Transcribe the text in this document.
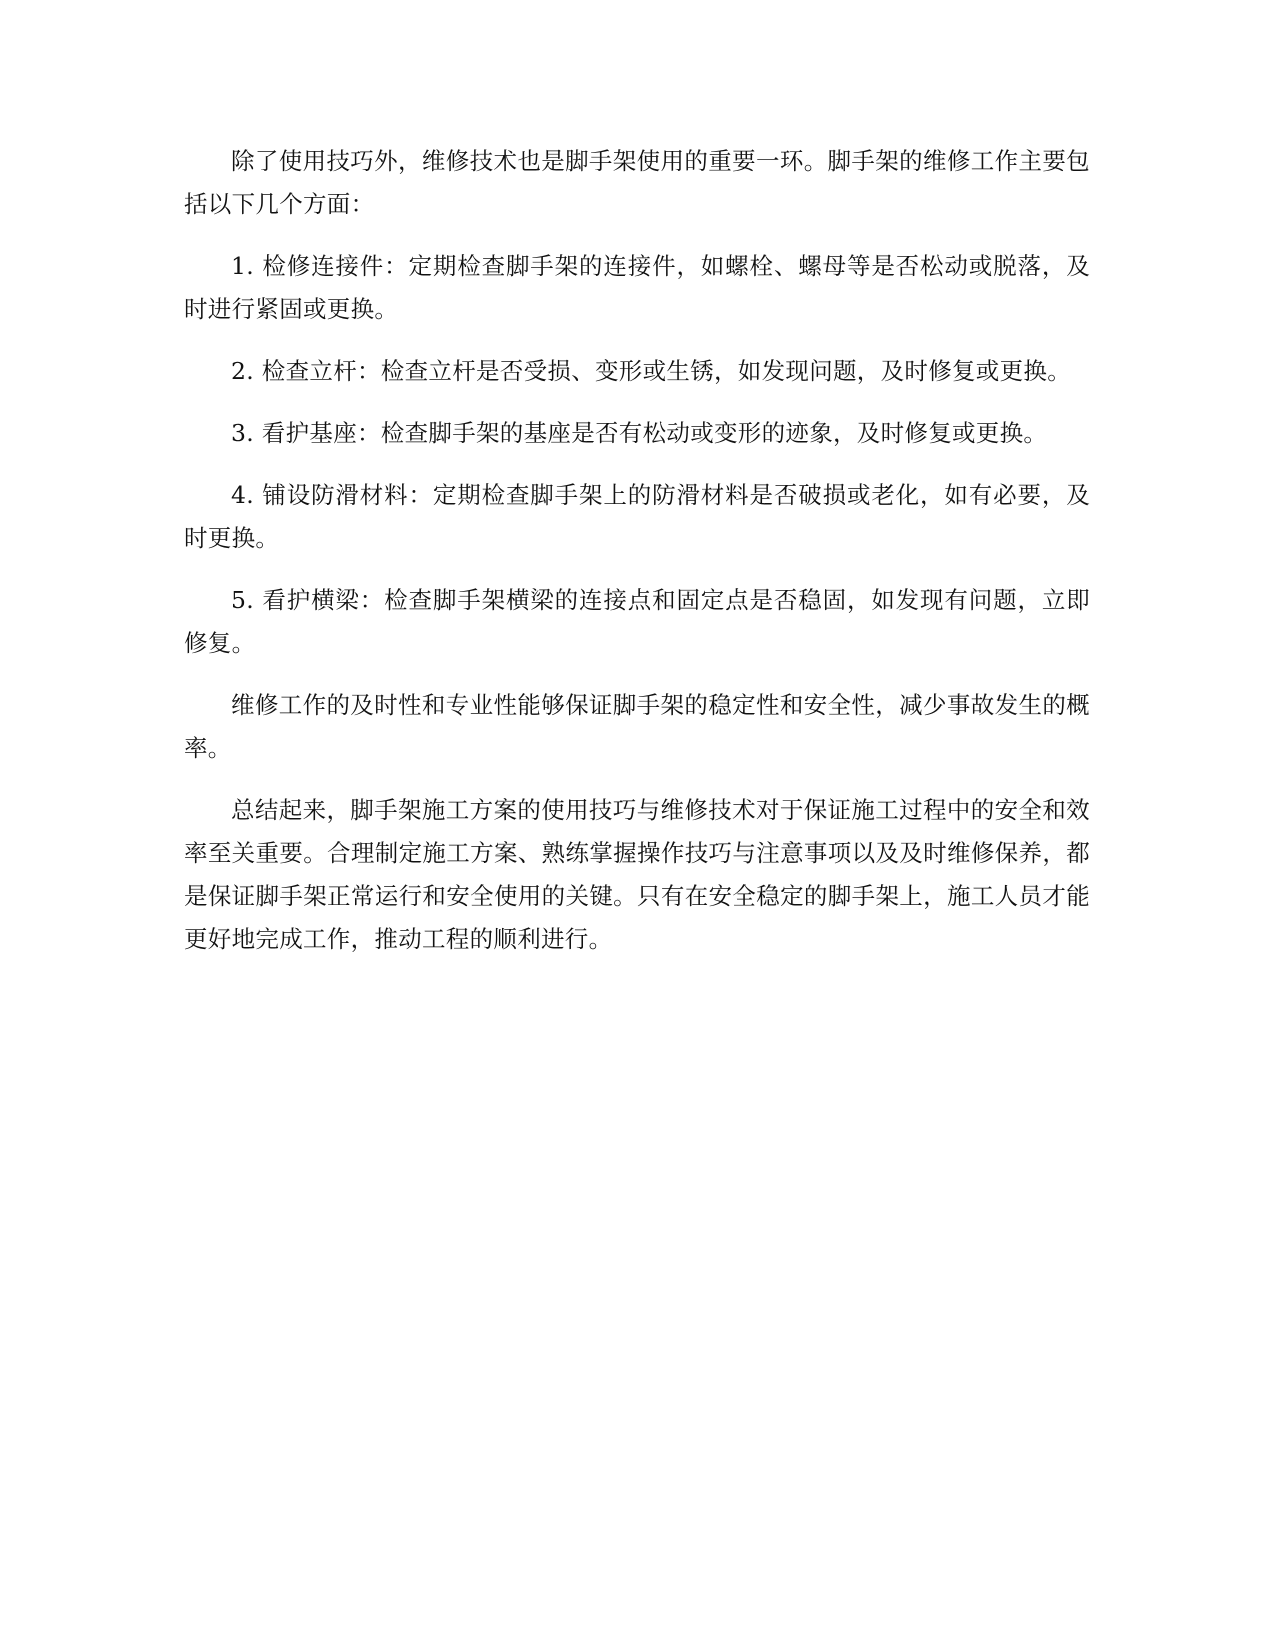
除了使用技巧外，维修技术也是脚手架使用的重要一环。脚手架的维修工作主要包括以下几个方面：

1. 检修连接件：定期检查脚手架的连接件，如螺栓、螺母等是否松动或脱落，及时进行紧固或更换。

2. 检查立杆：检查立杆是否受损、变形或生锈，如发现问题，及时修复或更换。

3. 看护基座：检查脚手架的基座是否有松动或变形的迹象，及时修复或更换。

4. 铺设防滑材料：定期检查脚手架上的防滑材料是否破损或老化，如有必要，及时更换。

5. 看护横梁：检查脚手架横梁的连接点和固定点是否稳固，如发现有问题，立即修复。

维修工作的及时性和专业性能够保证脚手架的稳定性和安全性，减少事故发生的概率。

总结起来，脚手架施工方案的使用技巧与维修技术对于保证施工过程中的安全和效率至关重要。合理制定施工方案、熟练掌握操作技巧与注意事项以及及时维修保养，都是保证脚手架正常运行和安全使用的关键。只有在安全稳定的脚手架上，施工人员才能更好地完成工作，推动工程的顺利进行。
